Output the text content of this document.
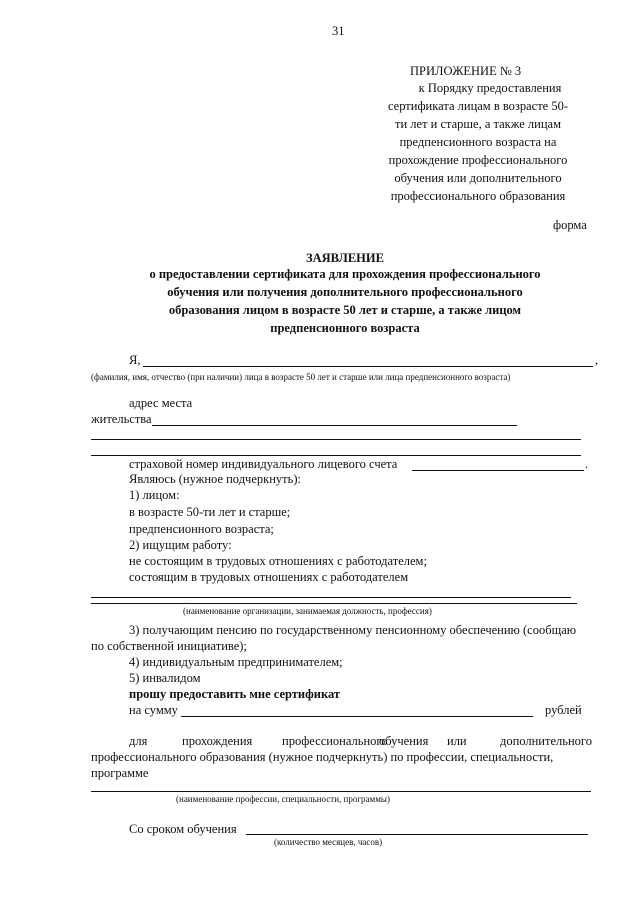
31
ПРИЛОЖЕНИЕ № 3
к Порядку предоставления
сертификата лицам в возрасте 50-
ти лет и старше, а также лицам
предпенсионного возраста на
прохождение профессионального
обучения или дополнительного
профессионального образования
форма
ЗАЯВЛЕНИЕ
о предоставлении сертификата для прохождения профессионального
обучения или получения дополнительного профессионального
образования лицом в возрасте 50 лет и старше, а также лицом
предпенсионного возраста
Я,	,
(фамилия, имя, отчество (при наличии) лица в возрасте 50 лет и старше или лица предпенсионного возраста)
адрес места
жительства
страховой номер индивидуального лицевого счета	.
Являюсь (нужное подчеркнуть):
1) лицом:
в возрасте 50-ти лет и старше;
предпенсионного возраста;
2) ищущим работу:
не состоящим в трудовых отношениях с работодателем;
состоящим в трудовых отношениях с работодателем
(наименование организации, занимаемая должность, профессия)
3) получающим пенсию по государственному пенсионному обеспечению (сообщаю
по собственной инициативе);
4) индивидуальным предпринимателем;
5) инвалидом
прошу предоставить мне сертификат
на сумму	рублей
для	прохождения профессионального
обучения или	дополнительного
профессионального образования (нужное подчеркнуть) по профессии, специальности,
программе
(наименование профессии, специальности, программы)
Со сроком обучения
(количество месяцев, часов)
